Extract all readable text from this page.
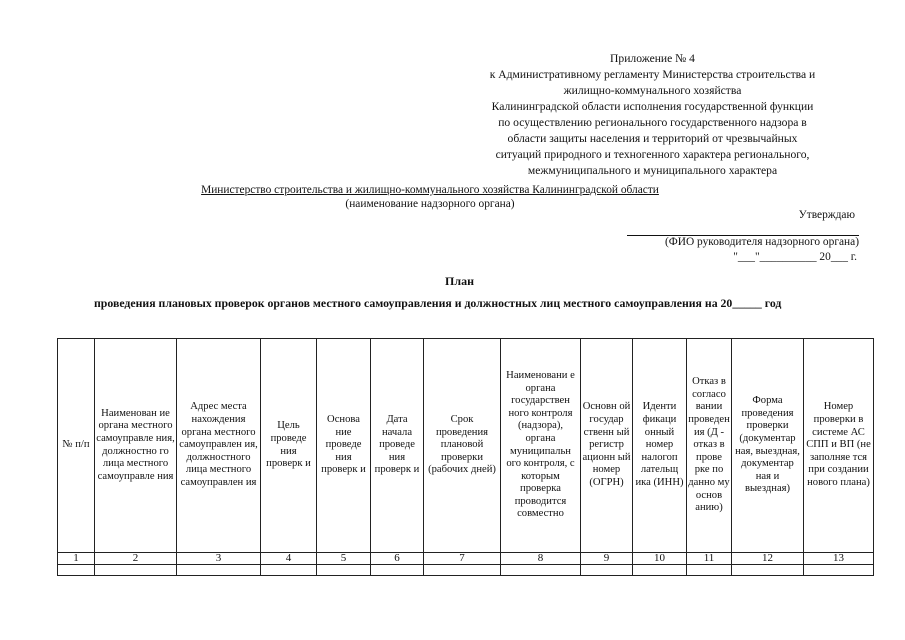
Приложение № 4
к Административному регламенту Министерства строительства и
жилищно-коммунального хозяйства
Калининградской области исполнения государственной функции
по осуществлению регионального государственного надзора в
области защиты населения и территорий от чрезвычайных
ситуаций природного и техногенного характера регионального,
межмуниципального и муниципального характера
Министерство строительства и жилищно-коммунального хозяйства Калининградской области
(наименование надзорного органа)
Утверждаю
(ФИО руководителя надзорного органа)
"___"__________ 20___ г.
План
проведения плановых проверок органов местного самоуправления и должностных лиц местного самоуправления на 20_____ год
№ п/п	Наименован ие органа местного самоуправле ния, должностно го лица местного самоуправле ния	Адрес места нахождения органа местного самоуправлен ия, должностного лица местного самоуправлен ия	Цель проведе ния проверк и	Основа ние проведе ния проверк и	Дата начала проведе ния проверк и	Срок проведения плановой проверки (рабочих дней)	Наименовани е органа государствен ного контроля (надзора), органа муниципальн ого контроля, с которым проверка проводится совместно	Основн ой государ ственн ый регистр ационн ый номер (ОГРН)	Иденти фикаци онный номер налогоп лательщ ика (ИНН)	Отказ в согласо вании проведения (Д - отказ в прове рке по данно му основ анию)	Форма проведения проверки (документар ная, выездная, документар ная и выездная)	Номер проверки в системе АС СПП и ВП (не заполняе тся при создании нового плана)
1	2	3	4	5	6	7	8	9	10	11	12	13
